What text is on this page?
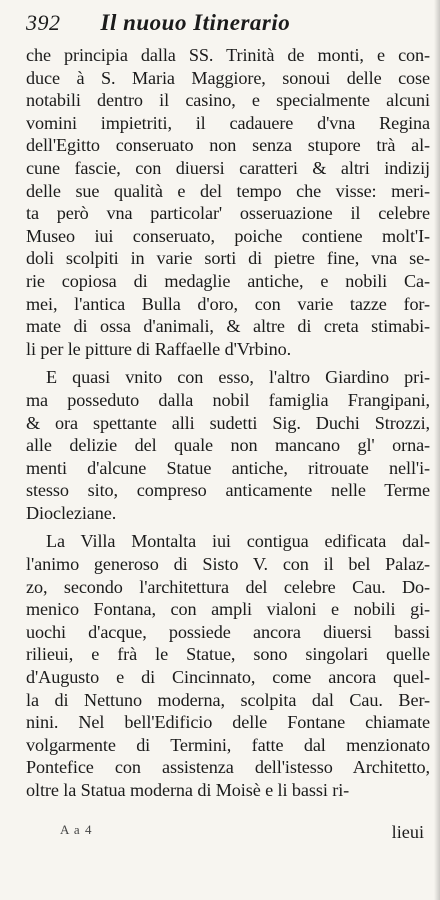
392 Il nuouo Itinerario
che principia dalla SS. Trinità de monti, e con-
duce à S. Maria Maggiore, sonoui delle cose
notabili dentro il casino, e specialmente alcuni
vomini impietriti, il cadauere d'vna Regina
dell'Egitto conseruato non senza stupore trà al-
cune fascie, con diuersi caratteri & altri indizij
delle sue qualità e del tempo che visse: meri-
ta però vna particolar' osseruazione il celebre
Museo iui conseruato, poiche contiene molt'I-
doli scolpiti in varie sorti di pietre fine, vna se-
rie copiosa di medaglie antiche, e nobili Ca-
mei, l'antica Bulla d'oro, con varie tazze for-
mate di ossa d'animali, & altre di creta stimabi-
li per le pitture di Raffaelle d'Vrbino.
E quasi vnito con esso, l'altro Giardino pri-
ma posseduto dalla nobil famiglia Frangipani,
& ora spettante alli sudetti Sig. Duchi Strozzi,
alle delizie del quale non mancano gl' orna-
menti d'alcune Statue antiche, ritrouate nell'i-
stesso sito, compreso anticamente nelle Terme
Diocleziane.
La Villa Montalta iui contigua edificata dal-
l'animo generoso di Sisto V. con il bel Palaz-
zo, secondo l'architettura del celebre Cau. Do-
menico Fontana, con ampli vialoni e nobili gi-
uochi d'acque, possiede ancora diuersi bassi
rilieui, e frà le Statue, sono singolari quelle
d'Augusto e di Cincinnato, come ancora quel-
la di Nettuno moderna, scolpita dal Cau. Ber-
nini. Nel bell'Edificio delle Fontane chiamate
volgarmente di Termini, fatte dal menzionato
Pontefice con assistenza dell'istesso Architetto,
oltre la Statua moderna di Moisè e li bassi ri-
A a 4	lieui
